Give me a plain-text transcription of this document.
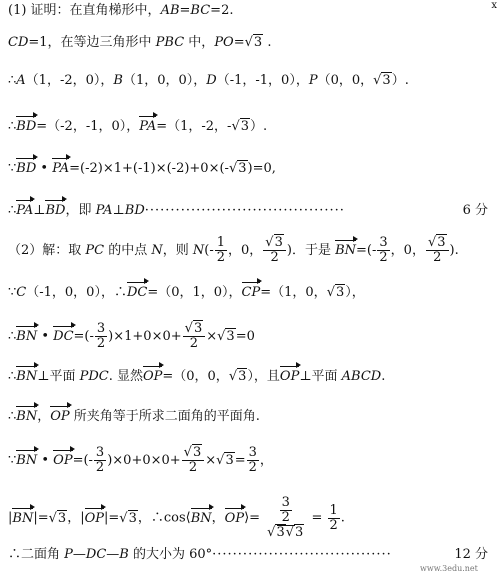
x
(1) 证明：在直角梯形中，AB=BC=2.
CD=1，在等边三角形中 PBC 中，PO=√3 .
∴A（1，-2，0），B（1，0，0），D（-1，-1，0），P（0，0，√3）.
∴BD=（-2，-1，0），PA=（1，-2，-√3）.
∵BD • PA=(-2)×1+(-1)×(-2)+0×(-√3)=0,
∴PA⊥BD，即 PA⊥BD·······································	6 分
（2）解：取 PC 的中点 N，则 $N(- \frac{1}{2}$ ，0， $\frac{√3}{2}$ )．于是 $BN=(- \frac{3}{2}$ ，0， $\frac{√3}{2}$ ).
∵C（-1，0，0），∴DC=（0，1，0），CP=（1，0，√3），
∴BN • $DC=(- \frac{3}{2} )\times 1+0\times 0+ \frac{√3}{2} \times√3=0$
∴BN⊥平面 PDC. 显然OP=（0，0，√3），且OP⊥平面 ABCD.
∴BN，OP 所夹角等于所求二面角的平面角.
∵BN • $OP=(- \frac{3}{2} )\times 0+0\times 0+ \frac{√3}{2} \times√3= \frac{3}{2}$ ，
|BN|=√3，|OP|=√3，∴cos⟨BN，OP⟩= $\frac{\frac{3}{2}}{√3√3} = \frac{1}{2}$ .
∴二面角 P—DC—B 的大小为 60°···································	12 分
www.3edu.net
